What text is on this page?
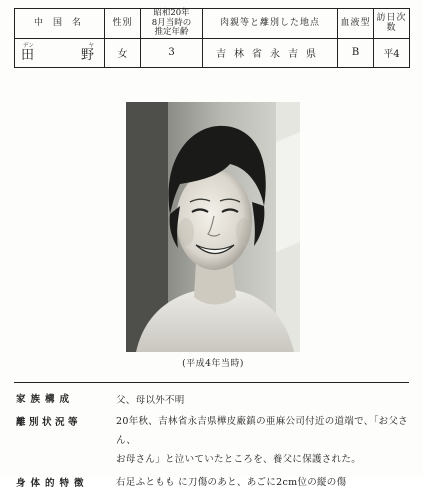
中国名	性別	昭和20年
8月当時の
推定年齢	肉親等と離別した地点	血液型	訪日次数

デン ヤ
田 野	女	3	吉林省永吉県	B	平4
(平成4年当時)
家族構成	父、母以外不明
離別状況等	20年秋、吉林省永吉県樺皮廠鎮の亜麻公司付近の道端で、「お父さん、
お母さん」と泣いていたところを、養父に保護された。
身体的特徴	右足ふともも に刀傷のあと、あごに2cm位の縦の傷
